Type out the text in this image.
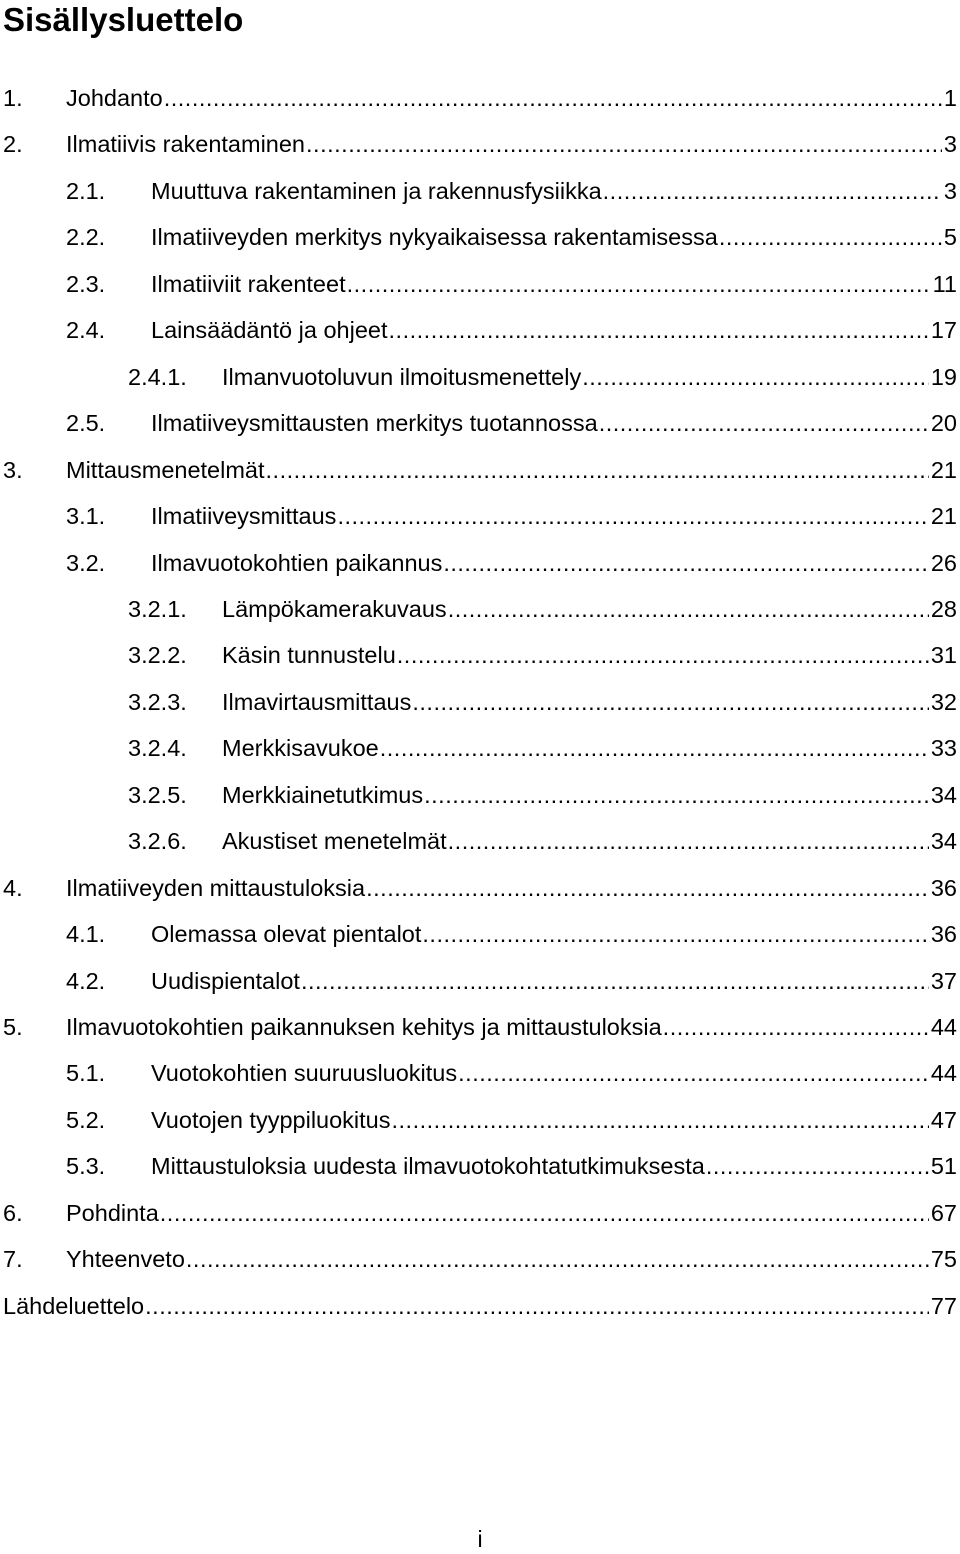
Sisällysluettelo
1. Johdanto .....	1
2. Ilmatiivis rakentaminen .....	3
2.1. Muuttuva rakentaminen ja rakennusfysiikka .....	3
2.2. Ilmatiiveyden merkitys nykyaikaisessa rakentamisessa .....	5
2.3. Ilmatiiviit rakenteet .....	11
2.4. Lainsäädäntö ja ohjeet .....	17
2.4.1. Ilmanvuotoluvun ilmoitusmenettely .....	19
2.5. Ilmatiiveysmittausten merkitys tuotannossa .....	20
3. Mittausmenetelmät .....	21
3.1. Ilmatiiveysmittaus .....	21
3.2. Ilmavuotokohtien paikannus .....	26
3.2.1. Lämpökamerakuvaus .....	28
3.2.2. Käsin tunnustelu .....	31
3.2.3. Ilmavirtausmittaus .....	32
3.2.4. Merkkisavukoe .....	33
3.2.5. Merkkiainetutkimus .....	34
3.2.6. Akustiset menetelmät .....	34
4. Ilmatiiveyden mittaustuloksia .....	36
4.1. Olemassa olevat pientalot .....	36
4.2. Uudispientalot .....	37
5. Ilmavuotokohtien paikannuksen kehitys ja mittaustuloksia .....	44
5.1. Vuotokohtien suuruusluokitus .....	44
5.2. Vuotojen tyyppiluokitus .....	47
5.3. Mittaustuloksia uudesta ilmavuotokohtatutkimuksesta .....	51
6. Pohdinta .....	67
7. Yhteenveto .....	75
Lähdeluettelo .....	77
i
